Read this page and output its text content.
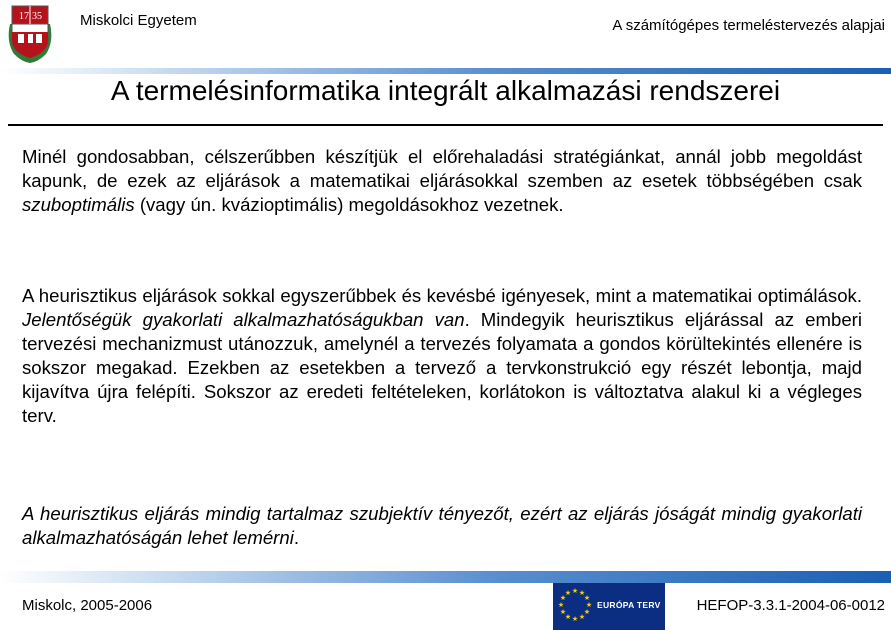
17 35	Miskolci Egyetem	A számítógépes termeléstervezés alapjai
A termelésinformatika integrált alkalmazási rendszerei

Minél gondosabban, célszerűbben készítjük el előrehaladási stratégiánkat, annál jobb megoldást kapunk, de ezek az eljárások a matematikai eljárásokkal szemben az esetek többségében csak szuboptimális (vagy ún. kvázioptimális) megoldásokhoz vezetnek.

A heurisztikus eljárások sokkal egyszerűbbek és kevésbé igényesek, mint a matematikai optimálások. Jelentőségük gyakorlati alkalmazhatóságukban van. Mindegyik heurisztikus eljárással az emberi tervezési mechanizmust utánozzuk, amelynél a tervezés folyamata a gondos körültekintés ellenére is sokszor megakad. Ezekben az esetekben a tervező a tervkonstrukció egy részét lebontja, majd kijavítva újra felépíti. Sokszor az eredeti feltételeken, korlátokon is változtatva alakul ki a végleges terv.

A heurisztikus eljárás mindig tartalmaz szubjektív tényezőt, ezért az eljárás jóságát mindig gyakorlati alkalmazhatóságán lehet lemérni.

Miskolc, 2005-2006
★ ★
★
★
★
★
★
★
★
★
★
★
EURÓPA TERV HEFOP-3.3.1-2004-06-0012
